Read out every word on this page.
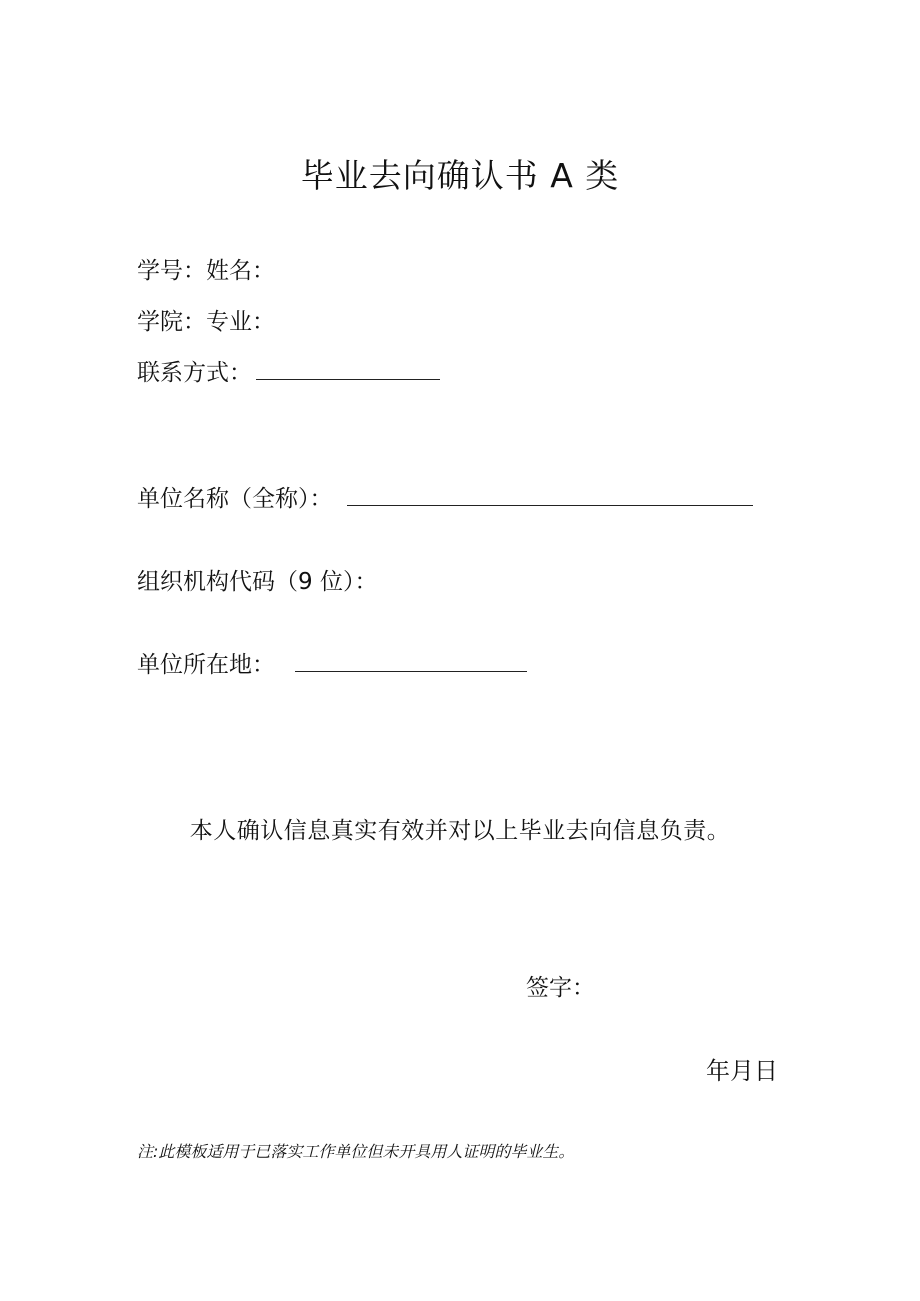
毕业去向确认书 A 类
学号：姓名：
学院：专业：
联系方式：
单位名称（全称）：
组织机构代码（9 位）：
单位所在地：
本人确认信息真实有效并对以上毕业去向信息负责。
签字：
年月日
注:此模板适用于已落实工作单位但未开具用人证明的毕业生。
